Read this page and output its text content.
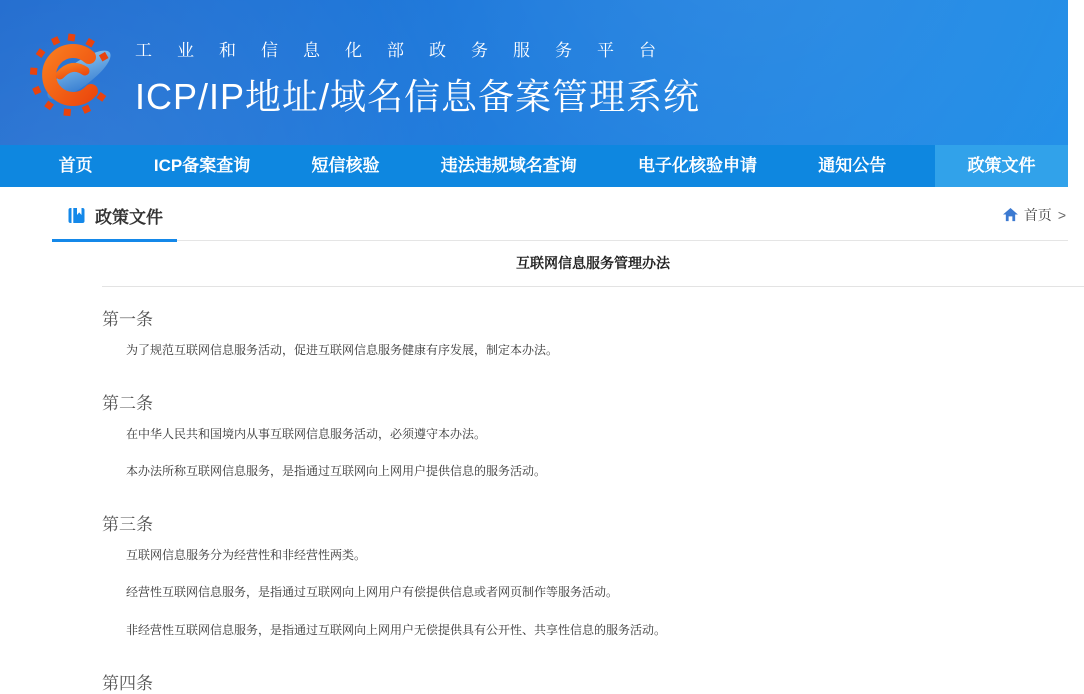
工业和信息化部政务服务平台
ICP/IP地址/域名信息备案管理系统
首页	ICP备案查询	短信核验	违法违规域名查询	电子化核验申请	通知公告	政策文件
政策文件	首页 >
互联网信息服务管理办法
第一条

为了规范互联网信息服务活动，促进互联网信息服务健康有序发展，制定本办法。

第二条

在中华人民共和国境内从事互联网信息服务活动，必须遵守本办法。

本办法所称互联网信息服务，是指通过互联网向上网用户提供信息的服务活动。

第三条

互联网信息服务分为经营性和非经营性两类。

经营性互联网信息服务，是指通过互联网向上网用户有偿提供信息或者网页制作等服务活动。

非经营性互联网信息服务，是指通过互联网向上网用户无偿提供具有公开性、共享性信息的服务活动。

第四条
